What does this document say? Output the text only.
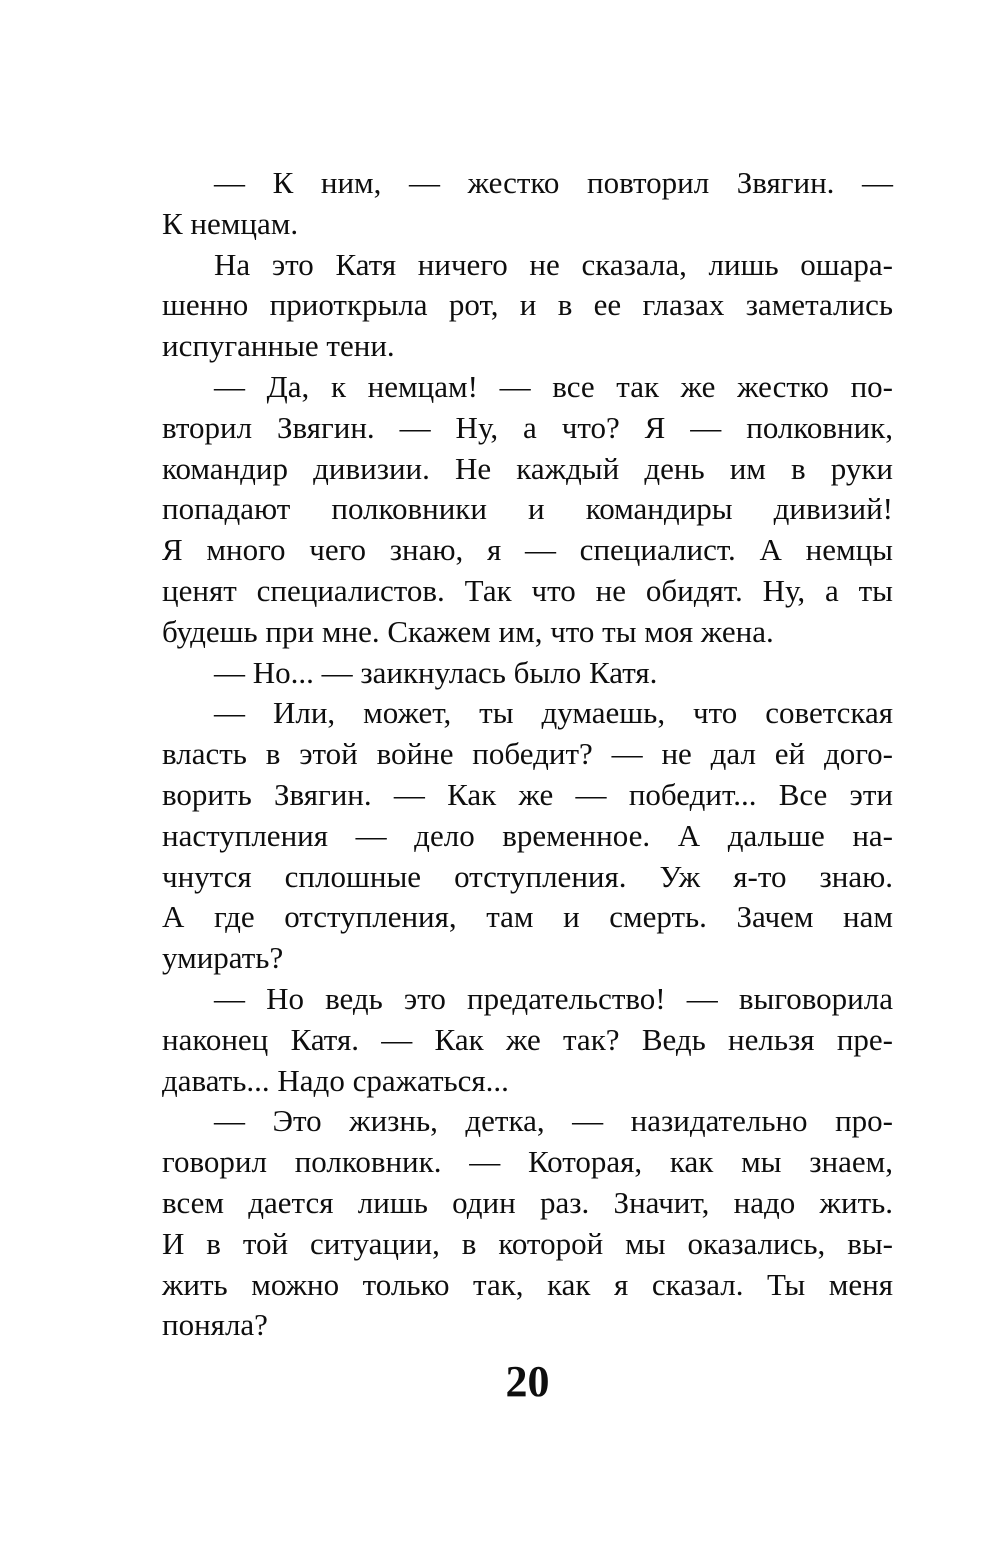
— К ним, — жестко повторил Звягин. —
К немцам.
На это Катя ничего не сказала, лишь ошара-
шенно приоткрыла рот, и в ее глазах заметались
испуганные тени.
— Да, к немцам! — все так же жестко по-
вторил Звягин. — Ну, а что? Я — полковник,
командир дивизии. Не каждый день им в руки
попадают полковники и командиры дивизий!
Я много чего знаю, я — специалист. А немцы
ценят специалистов. Так что не обидят. Ну, а ты
будешь при мне. Скажем им, что ты моя жена.
— Но... — заикнулась было Катя.
— Или, может, ты думаешь, что советская
власть в этой войне победит? — не дал ей дого-
ворить Звягин. — Как же — победит... Все эти
наступления — дело временное. А дальше на-
чнутся сплошные отступления. Уж я-то знаю.
А где отступления, там и смерть. Зачем нам
умирать?
— Но ведь это предательство! — выговорила
наконец Катя. — Как же так? Ведь нельзя пре-
давать... Надо сражаться...
— Это жизнь, детка, — назидательно про-
говорил полковник. — Которая, как мы знаем,
всем дается лишь один раз. Значит, надо жить.
И в той ситуации, в которой мы оказались, вы-
жить можно только так, как я сказал. Ты меня
поняла?
20
